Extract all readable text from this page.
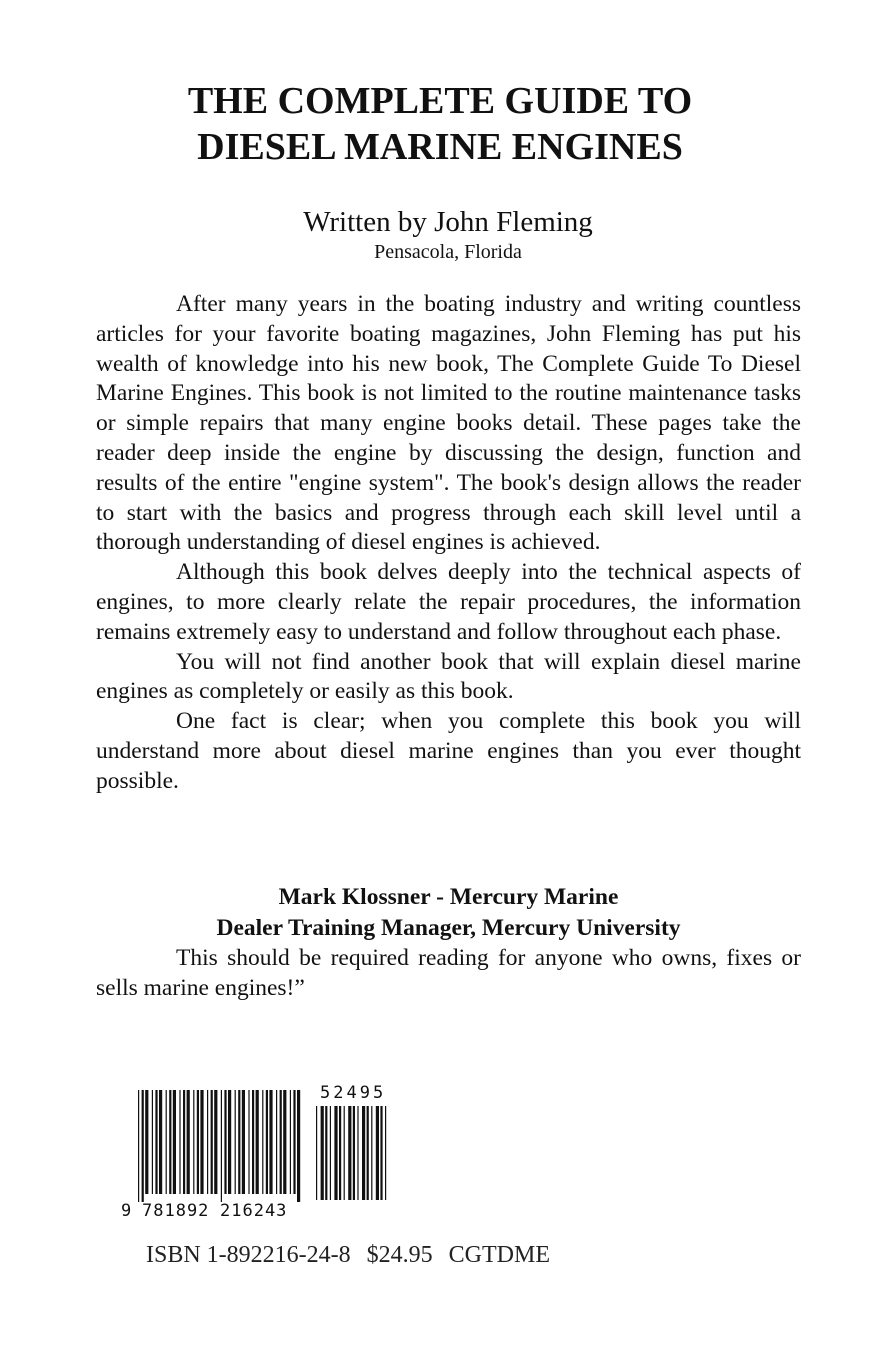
THE COMPLETE GUIDE TO
DIESEL MARINE ENGINES
Written by John Fleming
Pensacola, Florida

After many years in the boating industry and writing countless articles for your favorite boating magazines, John Fleming has put his wealth of knowledge into his new book, The Complete Guide To Diesel Marine Engines. This book is not limited to the routine maintenance tasks or simple repairs that many engine books detail. These pages take the reader deep inside the engine by discussing the design, function and results of the entire "engine system". The book's design allows the reader to start with the basics and progress through each skill level until a thorough understanding of diesel engines is achieved.

Although this book delves deeply into the technical aspects of engines, to more clearly relate the repair procedures, the information remains extremely easy to understand and follow throughout each phase.

You will not find another book that will explain diesel marine engines as completely or easily as this book.

One fact is clear; when you complete this book you will understand more about diesel marine engines than you ever thought possible.

Mark Klossner - Mercury Marine

Dealer Training Manager, Mercury University

This should be required reading for anyone who owns, fixes or sells marine engines!”

9 781892 216243
52495
ISBN 1-892216-24-8 $24.95 CGTDME
